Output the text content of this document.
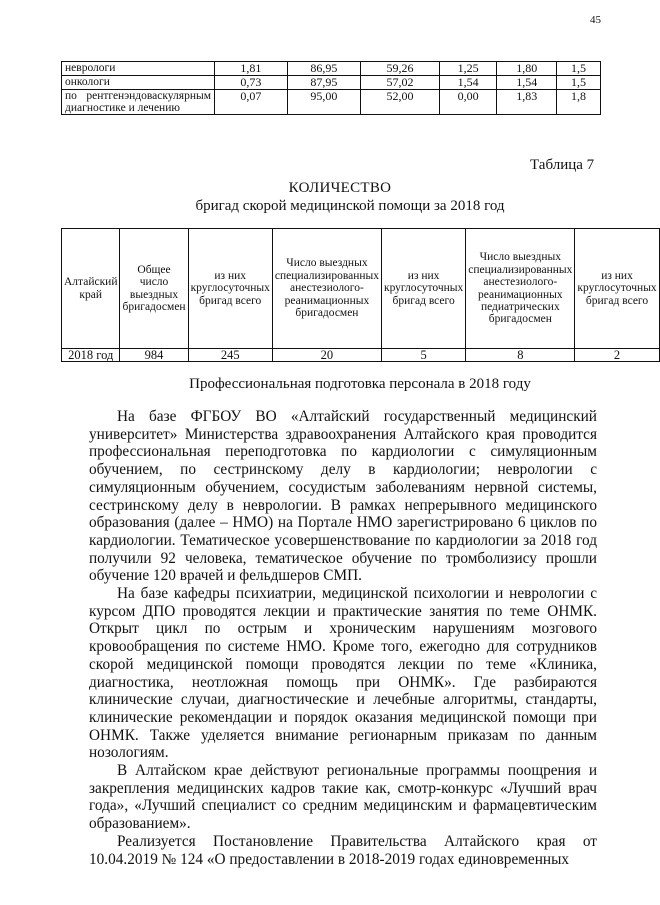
45
неврологи	1,81	86,95	59,26	1,25	1,80	1,5
онкологи	0,73	87,95	57,02	1,54	1,54	1,5
по рентгенэндоваскулярным диагностике и лечению	0,07	95,00	52,00	0,00	1,83	1,8
Таблица 7
КОЛИЧЕСТВО
бригад скорой медицинской помощи за 2018 год
Алтайский край	Общее число выездных бригадосмен	из них круглосуточных бригад всего	Число выездных специализированных анестезиолого-реанимационных бригадосмен	из них круглосуточных бригад всего	Число выездных специализированных анестезиолого-реанимационных педиатрических бригадосмен	из них круглосуточных бригад всего
2018 год	984	245	20	5	8	2
Профессиональная подготовка персонала в 2018 году

На базе ФГБОУ ВО «Алтайский государственный медицинский университет» Министерства здравоохранения Алтайского края проводится профессиональная переподготовка по кардиологии с симуляционным обучением, по сестринскому делу в кардиологии; неврологии с симуляционным обучением, сосудистым заболеваниям нервной системы, сестринскому делу в неврологии. В рамках непрерывного медицинского образования (далее – НМО) на Портале НМО зарегистрировано 6 циклов по кардиологии. Тематическое усовершенствование по кардиологии за 2018 год получили 92 человека, тематическое обучение по тромболизису прошли обучение 120 врачей и фельдшеров СМП.

На базе кафедры психиатрии, медицинской психологии и неврологии с курсом ДПО проводятся лекции и практические занятия по теме ОНМК. Открыт цикл по острым и хроническим нарушениям мозгового кровообращения по системе НМО. Кроме того, ежегодно для сотрудников скорой медицинской помощи проводятся лекции по теме «Клиника, диагностика, неотложная помощь при ОНМК». Где разбираются клинические случаи, диагностические и лечебные алгоритмы, стандарты, клинические рекомендации и порядок оказания медицинской помощи при ОНМК. Также уделяется внимание регионарным приказам по данным нозологиям.

В Алтайском крае действуют региональные программы поощрения и закрепления медицинских кадров такие как, смотр-конкурс «Лучший врач года», «Лучший специалист со средним медицинским и фармацевтическим образованием».

Реализуется Постановление Правительства Алтайского края от 10.04.2019 № 124 «О предоставлении в 2018-2019 годах единовременных
